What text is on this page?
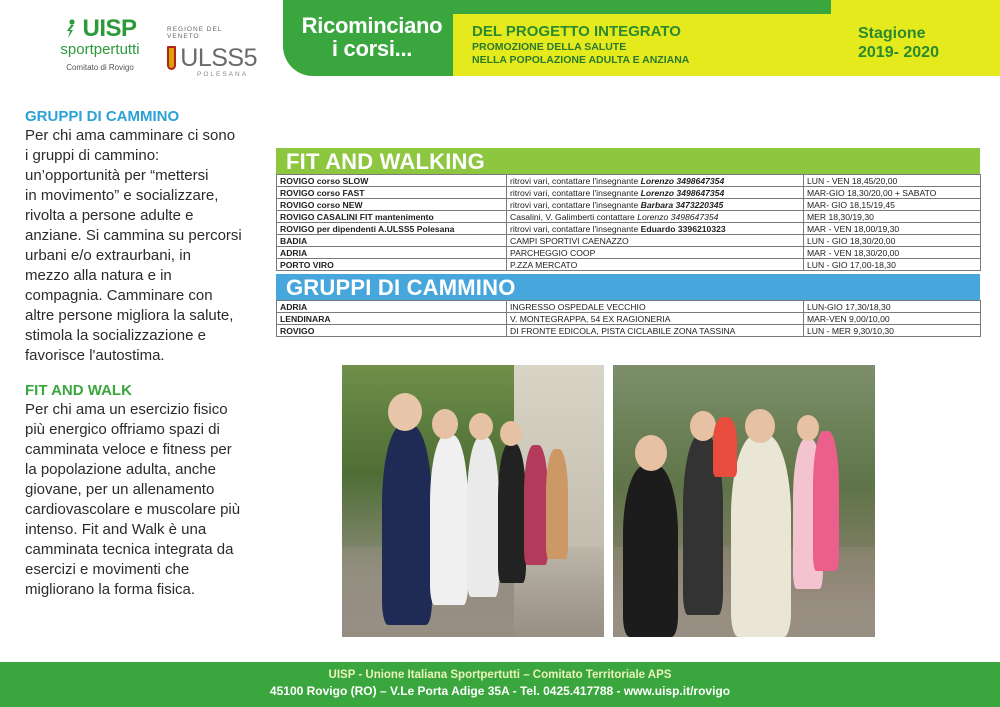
UISP
sportpertutti
Comitato di Rovigo
REGIONE DEL VENETO
ULSS5
POLESANA
Ricominciano
i corsi...
DEL PROGETTO INTEGRATO
PROMOZIONE DELLA SALUTE
NELLA POPOLAZIONE ADULTA E ANZIANA
Stagione
2019- 2020
GRUPPI DI CAMMINO
Per chi ama camminare ci sono
i gruppi di cammino:
un’opportunità per “mettersi
in movimento” e socializzare,
rivolta a persone adulte e
anziane. Si cammina su percorsi
urbani e/o extraurbani, in
mezzo alla natura e in
compagnia. Camminare con
altre persone migliora la salute,
stimola la socializzazione e
favorisce l'autostima.
FIT AND WALK
Per chi ama un esercizio fisico
più energico offriamo spazi di
camminata veloce e fitness per
la popolazione adulta, anche
giovane, per un allenamento
cardiovascolare e muscolare più
intenso. Fit and Walk è una
camminata tecnica integrata da
esercizi e movimenti che
migliorano la forma fisica.
FIT AND WALKING
ROVIGO corso SLOW	ritrovi vari, contattare l'insegnante Lorenzo 3498647354	LUN - VEN 18,45/20,00
ROVIGO corso FAST	ritrovi vari, contattare l'insegnante Lorenzo 3498647354	MAR-GIO 18,30/20,00 + SABATO
ROVIGO corso NEW	ritrovi vari, contattare l'insegnante Barbara 3473220345	MAR- GIO 18,15/19,45
ROVIGO CASALINI FIT mantenimento	Casalini, V. Galimberti contattare Lorenzo 3498647354	MER 18,30/19,30
ROVIGO per dipendenti A.ULSS5 Polesana	ritrovi vari, contattare l'insegnante Eduardo 3396210323	MAR - VEN 18,00/19,30
BADIA	CAMPI SPORTIVI CAENAZZO	LUN - GIO 18,30/20,00
ADRIA	PARCHEGGIO COOP	MAR - VEN 18,30/20,00
PORTO VIRO	P.ZZA MERCATO	LUN - GIO 17,00-18,30
GRUPPI DI CAMMINO
ADRIA	INGRESSO OSPEDALE VECCHIO	LUN-GIO 17,30/18,30
LENDINARA	V. MONTEGRAPPA, 54 EX RAGIONERIA	MAR-VEN 9,00/10,00
ROVIGO	DI FRONTE EDICOLA, PISTA CICLABILE ZONA TASSINA	LUN - MER 9,30/10,30
UISP - Unione Italiana Sportpertutti – Comitato Territoriale APS
45100 Rovigo (RO) – V.Le Porta Adige 35A - Tel. 0425.417788 - www.uisp.it/rovigo
